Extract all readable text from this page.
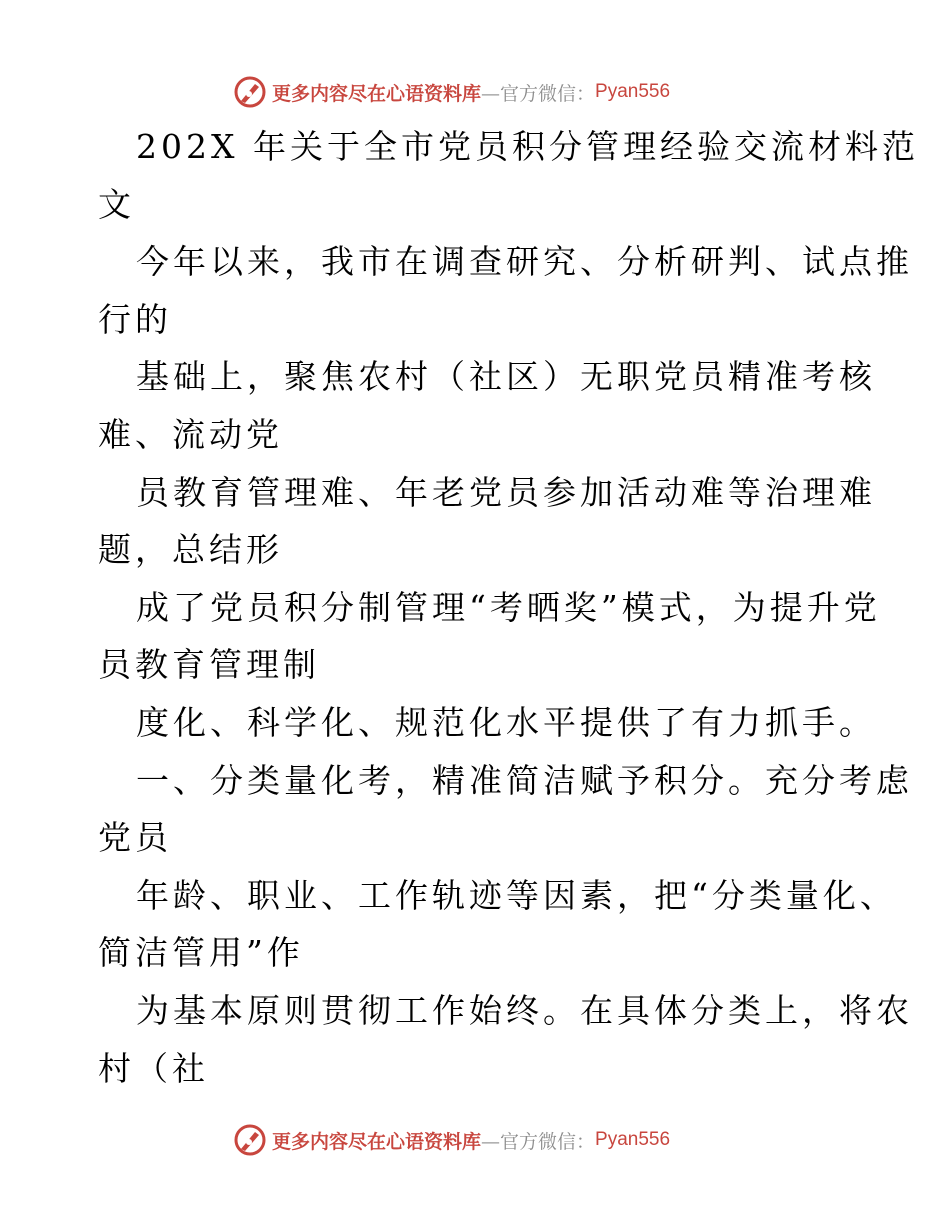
更多内容尽在心语资料库—官方微信： Pyan556
202X 年关于全市党员积分管理经验交流材料范
文
今年以来，我市在调查研究、分析研判、试点推
行的
基础上，聚焦农村（社区）无职党员精准考核
难、流动党
员教育管理难、年老党员参加活动难等治理难
题，总结形
成了党员积分制管理“考晒奖”模式，为提升党
员教育管理制
度化、科学化、规范化水平提供了有力抓手。
一、分类量化考，精准简洁赋予积分。充分考虑
党员
年龄、职业、工作轨迹等因素，把“分类量化、
简洁管用”作
为基本原则贯彻工作始终。在具体分类上，将农
村（社
更多内容尽在心语资料库—官方微信： Pyan556
